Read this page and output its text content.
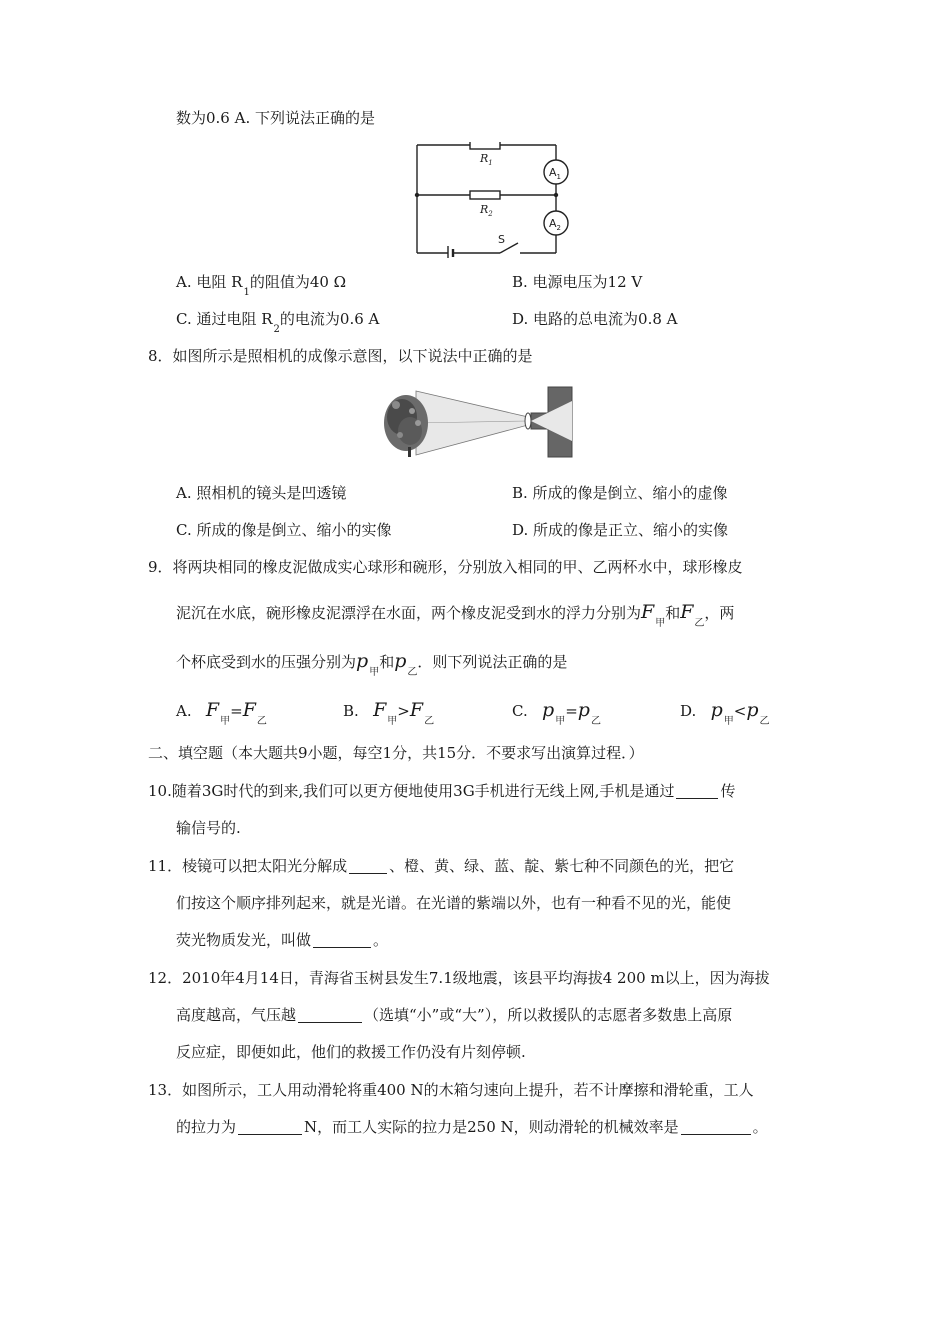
数为0.6 A. 下列说法正确的是
$R_1$
$R_2$
$A_1$
$A_2$
S
A. 电阻 $R_1$的阻值为40 Ω	B. 电源电压为12 V
C. 通过电阻 $R_2$的电流为0.6 A	D. 电路的总电流为0.8 A
8．如图所示是照相机的成像示意图，以下说法中正确的是
A. 照相机的镜头是凹透镜	B. 所成的像是倒立、缩小的虚像
C. 所成的像是倒立、缩小的实像	D. 所成的像是正立、缩小的实像
9．将两块相同的橡皮泥做成实心球形和碗形，分别放入相同的甲、乙两杯水中，球形橡皮
泥沉在水底，碗形橡皮泥漂浮在水面，两个橡皮泥受到水的浮力分别为$F_甲$和$F_乙$，两
个杯底受到水的压强分别为$p_甲$和$p_乙$．则下列说法正确的是
A. $F_甲=F_乙$
B. $F_甲>F_乙$
C. $p_甲=p_乙$
D. $p_甲<p_乙$
二、填空题（本大题共9小题，每空1分，共15分．不要求写出演算过程．）
10.随着3G时代的到来,我们可以更方便地使用3G手机进行无线上网,手机是通过	传
输信号的.
11．棱镜可以把太阳光分解成	、橙、黄、绿、蓝、靛、紫七种不同颜色的光，把它
们按这个顺序排列起来，就是光谱。在光谱的紫端以外，也有一种看不见的光，能使
荧光物质发光，叫做	。
12．2010年4月14日，青海省玉树县发生7.1级地震，该县平均海拔4 200 m以上，因为海拔
高度越高，气压越	（选填“小”或“大”），所以救援队的志愿者多数患上高原
反应症，即便如此，他们的救援工作仍没有片刻停顿.
13．如图所示，工人用动滑轮将重400 N的木箱匀速向上提升，若不计摩擦和滑轮重，工人
的拉力为	N，而工人实际的拉力是250 N，则动滑轮的机械效率是	。
